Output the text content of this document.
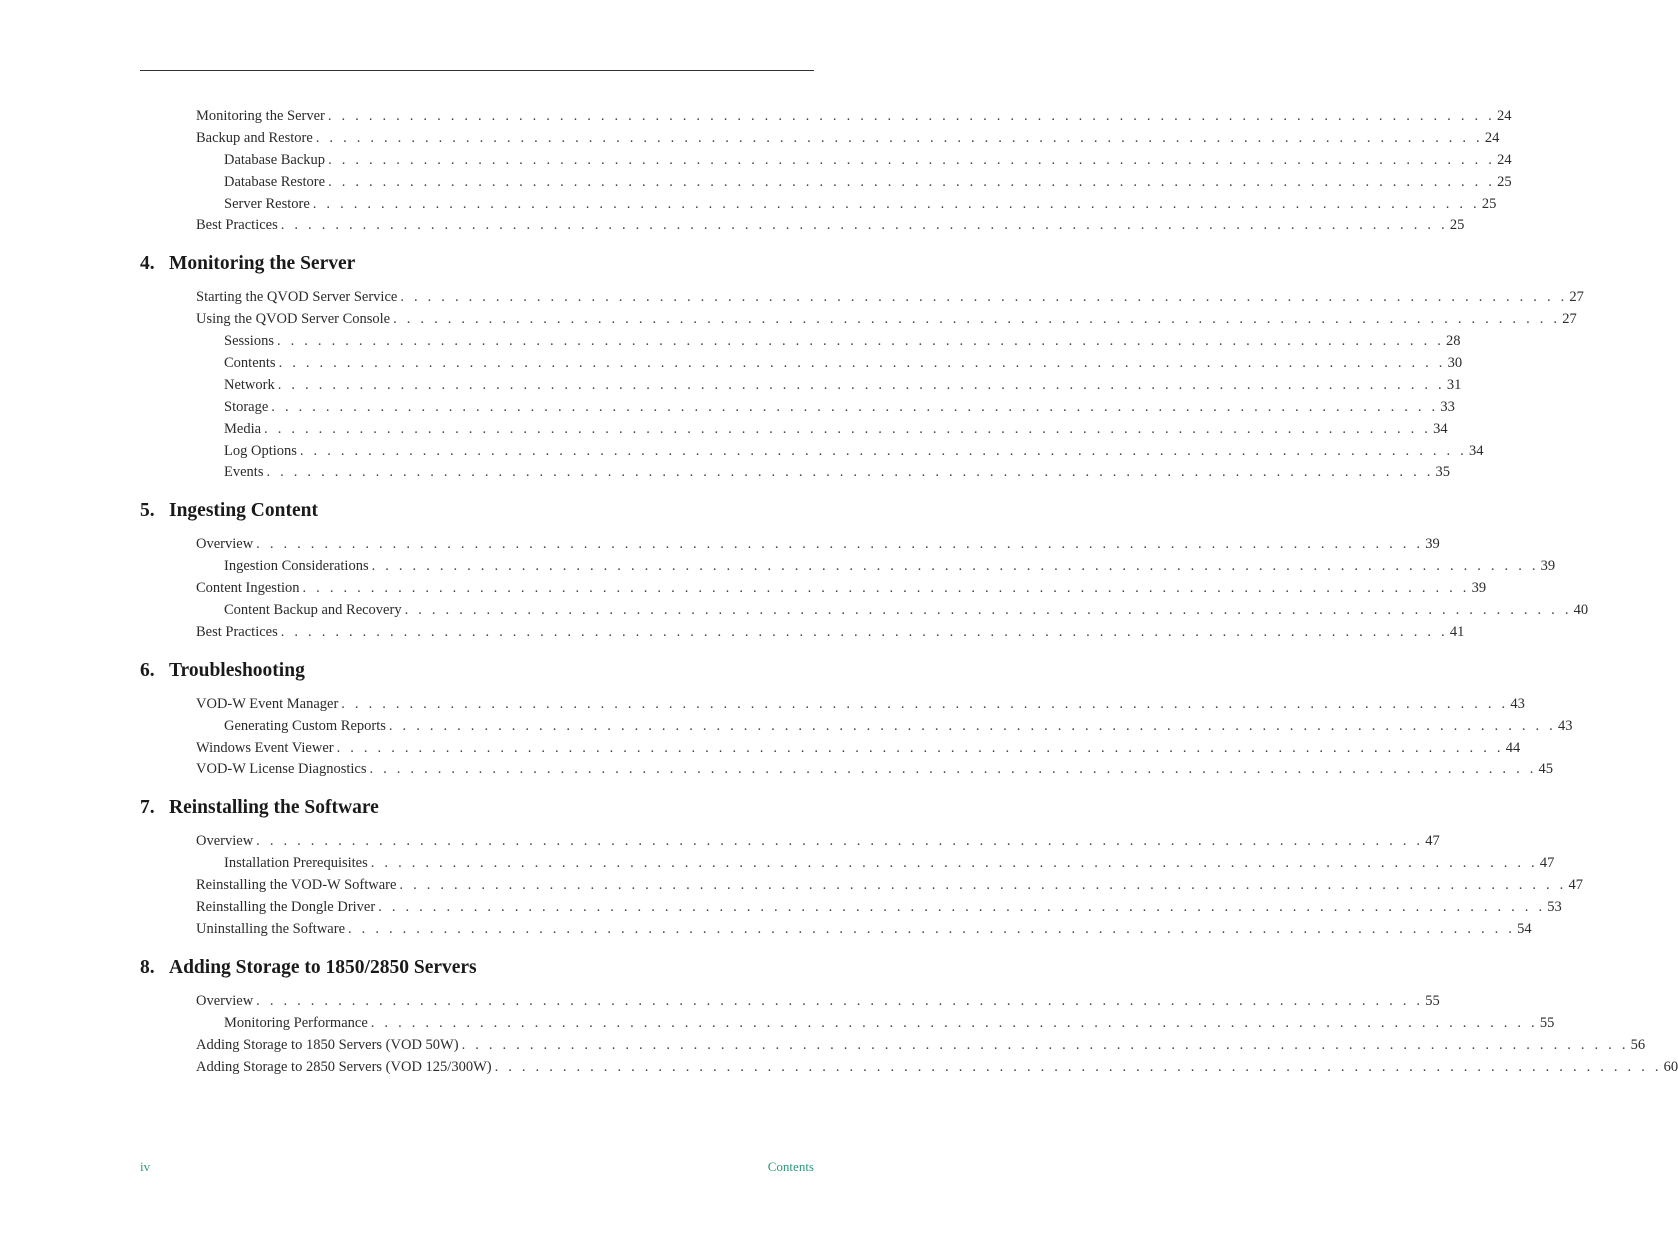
Monitoring the Server . . . . . . . . . . . . . . . . . . . . . . . . . . . . . . . . . . . . . . . . . . . . . . . . . . . . . . . . . . . . . . . . . . . . . . . . . . . . . . . . . . . . . . 24
Backup and Restore . . . . . . . . . . . . . . . . . . . . . . . . . . . . . . . . . . . . . . . . . . . . . . . . . . . . . . . . . . . . . . . . . . . . . . . . . . . . . . . . . . . . . . 24
Database Backup . . . . . . . . . . . . . . . . . . . . . . . . . . . . . . . . . . . . . . . . . . . . . . . . . . . . . . . . . . . . . . . . . . . . . . . . . . . . . . . . . . . . . . 24
Database Restore . . . . . . . . . . . . . . . . . . . . . . . . . . . . . . . . . . . . . . . . . . . . . . . . . . . . . . . . . . . . . . . . . . . . . . . . . . . . . . . . . . . . . . 25
Server Restore . . . . . . . . . . . . . . . . . . . . . . . . . . . . . . . . . . . . . . . . . . . . . . . . . . . . . . . . . . . . . . . . . . . . . . . . . . . . . . . . . . . . . . 25
Best Practices . . . . . . . . . . . . . . . . . . . . . . . . . . . . . . . . . . . . . . . . . . . . . . . . . . . . . . . . . . . . . . . . . . . . . . . . . . . . . . . . . . . . . . 25
4. Monitoring the Server
Starting the QVOD Server Service . . . . . . . . . . . . . . . . . . . . . . . . . . . . . . . . . . . . . . . . . . . . . . . . . . . . . . . . . . . . . . . . . . . . . . . . . . . . . . . . . . . . . . 27
Using the QVOD Server Console . . . . . . . . . . . . . . . . . . . . . . . . . . . . . . . . . . . . . . . . . . . . . . . . . . . . . . . . . . . . . . . . . . . . . . . . . . . . . . . . . . . . . . 27
Sessions . . . . . . . . . . . . . . . . . . . . . . . . . . . . . . . . . . . . . . . . . . . . . . . . . . . . . . . . . . . . . . . . . . . . . . . . . . . . . . . . . . . . . . 28
Contents . . . . . . . . . . . . . . . . . . . . . . . . . . . . . . . . . . . . . . . . . . . . . . . . . . . . . . . . . . . . . . . . . . . . . . . . . . . . . . . . . . . . . . 30
Network . . . . . . . . . . . . . . . . . . . . . . . . . . . . . . . . . . . . . . . . . . . . . . . . . . . . . . . . . . . . . . . . . . . . . . . . . . . . . . . . . . . . . . 31
Storage . . . . . . . . . . . . . . . . . . . . . . . . . . . . . . . . . . . . . . . . . . . . . . . . . . . . . . . . . . . . . . . . . . . . . . . . . . . . . . . . . . . . . . 33
Media . . . . . . . . . . . . . . . . . . . . . . . . . . . . . . . . . . . . . . . . . . . . . . . . . . . . . . . . . . . . . . . . . . . . . . . . . . . . . . . . . . . . . . 34
Log Options . . . . . . . . . . . . . . . . . . . . . . . . . . . . . . . . . . . . . . . . . . . . . . . . . . . . . . . . . . . . . . . . . . . . . . . . . . . . . . . . . . . . . . 34
Events . . . . . . . . . . . . . . . . . . . . . . . . . . . . . . . . . . . . . . . . . . . . . . . . . . . . . . . . . . . . . . . . . . . . . . . . . . . . . . . . . . . . . . 35
5. Ingesting Content
Overview . . . . . . . . . . . . . . . . . . . . . . . . . . . . . . . . . . . . . . . . . . . . . . . . . . . . . . . . . . . . . . . . . . . . . . . . . . . . . . . . . . . . . . 39
Ingestion Considerations . . . . . . . . . . . . . . . . . . . . . . . . . . . . . . . . . . . . . . . . . . . . . . . . . . . . . . . . . . . . . . . . . . . . . . . . . . . . . . . . . . . . . . 39
Content Ingestion . . . . . . . . . . . . . . . . . . . . . . . . . . . . . . . . . . . . . . . . . . . . . . . . . . . . . . . . . . . . . . . . . . . . . . . . . . . . . . . . . . . . . . 39
Content Backup and Recovery . . . . . . . . . . . . . . . . . . . . . . . . . . . . . . . . . . . . . . . . . . . . . . . . . . . . . . . . . . . . . . . . . . . . . . . . . . . . . . . . . . . . . . 40
Best Practices . . . . . . . . . . . . . . . . . . . . . . . . . . . . . . . . . . . . . . . . . . . . . . . . . . . . . . . . . . . . . . . . . . . . . . . . . . . . . . . . . . . . . . 41
6. Troubleshooting
VOD-W Event Manager . . . . . . . . . . . . . . . . . . . . . . . . . . . . . . . . . . . . . . . . . . . . . . . . . . . . . . . . . . . . . . . . . . . . . . . . . . . . . . . . . . . . . . 43
Generating Custom Reports . . . . . . . . . . . . . . . . . . . . . . . . . . . . . . . . . . . . . . . . . . . . . . . . . . . . . . . . . . . . . . . . . . . . . . . . . . . . . . . . . . . . . . 43
Windows Event Viewer . . . . . . . . . . . . . . . . . . . . . . . . . . . . . . . . . . . . . . . . . . . . . . . . . . . . . . . . . . . . . . . . . . . . . . . . . . . . . . . . . . . . . . 44
VOD-W License Diagnostics . . . . . . . . . . . . . . . . . . . . . . . . . . . . . . . . . . . . . . . . . . . . . . . . . . . . . . . . . . . . . . . . . . . . . . . . . . . . . . . . . . . . . . 45
7. Reinstalling the Software
Overview . . . . . . . . . . . . . . . . . . . . . . . . . . . . . . . . . . . . . . . . . . . . . . . . . . . . . . . . . . . . . . . . . . . . . . . . . . . . . . . . . . . . . . 47
Installation Prerequisites . . . . . . . . . . . . . . . . . . . . . . . . . . . . . . . . . . . . . . . . . . . . . . . . . . . . . . . . . . . . . . . . . . . . . . . . . . . . . . . . . . . . . . 47
Reinstalling the VOD-W Software . . . . . . . . . . . . . . . . . . . . . . . . . . . . . . . . . . . . . . . . . . . . . . . . . . . . . . . . . . . . . . . . . . . . . . . . . . . . . . . . . . . . . . 47
Reinstalling the Dongle Driver . . . . . . . . . . . . . . . . . . . . . . . . . . . . . . . . . . . . . . . . . . . . . . . . . . . . . . . . . . . . . . . . . . . . . . . . . . . . . . . . . . . . . . 53
Uninstalling the Software . . . . . . . . . . . . . . . . . . . . . . . . . . . . . . . . . . . . . . . . . . . . . . . . . . . . . . . . . . . . . . . . . . . . . . . . . . . . . . . . . . . . . . 54
8. Adding Storage to 1850/2850 Servers
Overview . . . . . . . . . . . . . . . . . . . . . . . . . . . . . . . . . . . . . . . . . . . . . . . . . . . . . . . . . . . . . . . . . . . . . . . . . . . . . . . . . . . . . . 55
Monitoring Performance . . . . . . . . . . . . . . . . . . . . . . . . . . . . . . . . . . . . . . . . . . . . . . . . . . . . . . . . . . . . . . . . . . . . . . . . . . . . . . . . . . . . . . 55
Adding Storage to 1850 Servers (VOD 50W) . . . . . . . . . . . . . . . . . . . . . . . . . . . . . . . . . . . . . . . . . . . . . . . . . . . . . . . . . . . . . . . . . . . . . . . . . . . . . . . . . . . . . . 56
Adding Storage to 2850 Servers (VOD 125/300W) . . . . . . . . . . . . . . . . . . . . . . . . . . . . . . . . . . . . . . . . . . . . . . . . . . . . . . . . . . . . . . . . . . . . . . . . . . . . . . . . . . . . . . 60
iv	Contents
